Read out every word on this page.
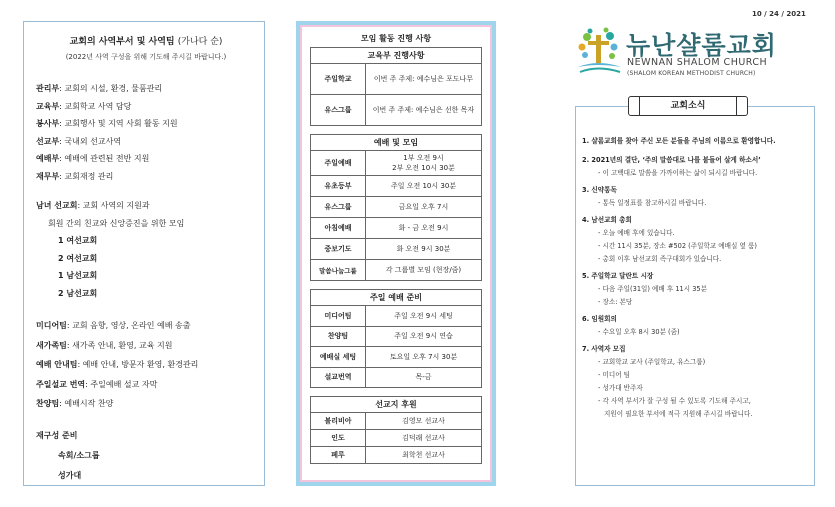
교회의 사역부서 및 사역팀 (가나다 순)
(2022년 사역 구성을 위해 기도해 주시길 바랍니다.)
관리부: 교회의 시설, 환경, 물품관리
교육부: 교회학교 사역 담당
봉사부: 교회행사 및 지역 사회 활동 지원
선교부: 국내외 선교사역
예배부: 예배에 관련된 전반 지원
재무부: 교회재정 관리
남녀 선교회: 교회 사역의 지원과
회원 간의 친교와 신앙증진을 위한 모임
1 여선교회
2 여선교회
1 남선교회
2 남선교회
미디어팀: 교회 음향, 영상, 온라인 예배 송출
새가족팀: 새가족 안내, 환영, 교육 지원
예배 안내팀: 예배 안내, 방문자 환영, 환경관리
주일설교 번역: 주일예배 설교 자막
찬양팀: 예배시작 찬양
재구성 준비
속회/소그룹
성가대
모임 활동 진행 사항
교육부 진행사항	
주일학교	이번 주 주제: 예수님은 포도나무
유스그룹	이번 주 주제: 예수님은 선한 목자
예배 및 모임	
주일예배	1부 오전 9시
2부 오전 10시 30분

유초등부	주일 오전 10시 30분
유스그룹	금요일 오후 7시
아침예배	화 - 금 오전 9시
중보기도	화 오전 9시 30분
말씀나눔그룹	각 그룹별 모임 (현장/줌)
주일 예배 준비	
미디어팀	주일 오전 9시 세팅
찬양팀	주일 오전 9시 연습
예배실 세팅	토요일 오후 7시 30분
설교번역	목-금
선교지 후원	
볼리비아	김영모 선교사
인도	김덕래 선교사
페루	최학천 선교사
10 / 24 / 2021
뉴난샬롬교회
NEWNAN SHALOM CHURCH
(SHALOM KOREAN METHODIST CHURCH)
교회소식
1. 샬롬교회를 찾아 주신 모든 분들을 주님의 이름으로 환영합니다.
2. 2021년의 결단, ‘주의 말씀대로 나를 붙들어 살게 하소서’
- 이 고백대로 말씀을 가까이하는 삶이 되시길 바랍니다.
3. 신약통독
- 통독 일정표를 참고하시길 바랍니다.
4. 남선교회 총회
- 오늘 예배 후에 있습니다.
- 시간 11시 35분, 장소 #502 (주일학교 예배실 옆 룸)
- 총회 이후 남선교회 족구대회가 있습니다.
5. 주일학교 달란트 시장
- 다음 주일(31일) 예배 후 11시 35분
- 장소: 본당
6. 임원회의
- 수요일 오후 8시 30분 (줌)
7. 사역자 모집
- 교회학교 교사 (주일학교, 유스그룹)
- 미디어 팀
- 성가대 반주자
- 각 사역 부서가 잘 구성 될 수 있도록 기도해 주시고,
지원이 필요한 부서에 적극 지원해 주시길 바랍니다.
